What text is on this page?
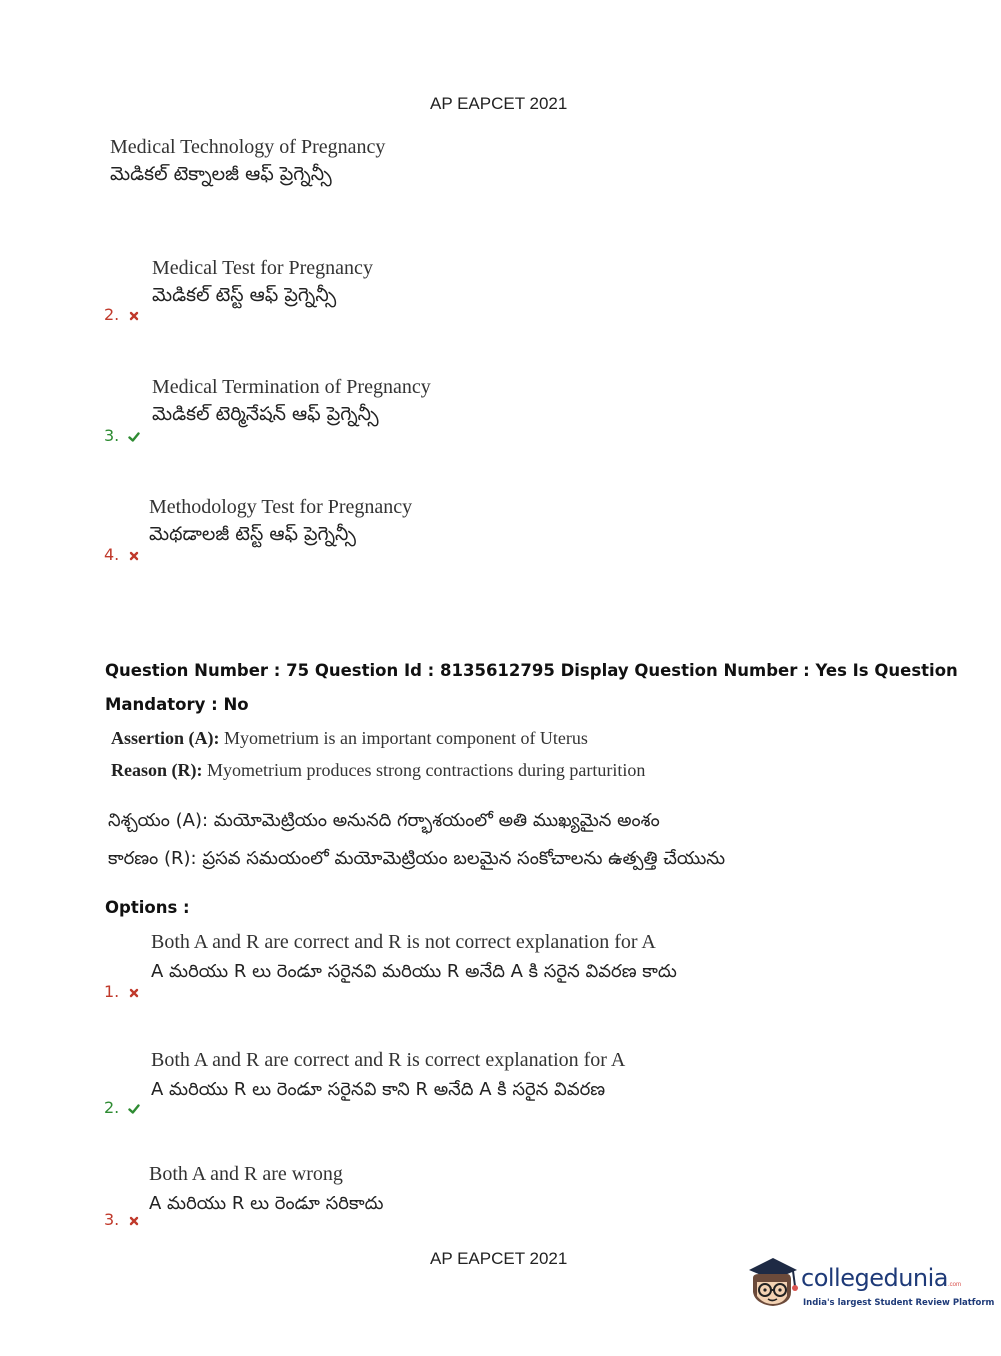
AP EAPCET 2021
Medical Technology of Pregnancy
మెడికల్ టెక్నాలజీ ఆఫ్ ప్రెగ్నెన్సీ
2.
Medical Test for Pregnancy
మెడికల్ టెస్ట్ ఆఫ్ ప్రెగ్నెన్సీ
3.
Medical Termination of Pregnancy
మెడికల్ టెర్మినేషన్ ఆఫ్ ప్రెగ్నెన్సీ
4.
Methodology Test for Pregnancy
మెథడాలజీ టెస్ట్ ఆఫ్ ప్రెగ్నెన్సీ
Question Number : 75 Question Id : 8135612795 Display Question Number : Yes Is Question
Mandatory : No
Assertion (A): Myometrium is an important component of Uterus
Reason (R): Myometrium produces strong contractions during parturition
నిశ్చయం (A): మయోమెట్రియం అనునది గర్భాశయంలో అతి ముఖ్యమైన అంశం
కారణం (R): ప్రసవ సమయంలో మయోమెట్రియం బలమైన సంకోచాలను ఉత్పత్తి చేయును
Options :
1.
Both A and R are correct and R is not correct explanation for A
A మరియు R లు రెండూ సరైనవి మరియు R అనేది A కి సరైన వివరణ కాదు
2.
Both A and R are correct and R is correct explanation for A
A మరియు R లు రెండూ సరైనవి కాని R అనేది A కి సరైన వివరణ
3.
Both A and R are wrong
A మరియు R లు రెండూ సరికాదు
AP EAPCET 2021
collegedunia.com
India's largest Student Review Platform
